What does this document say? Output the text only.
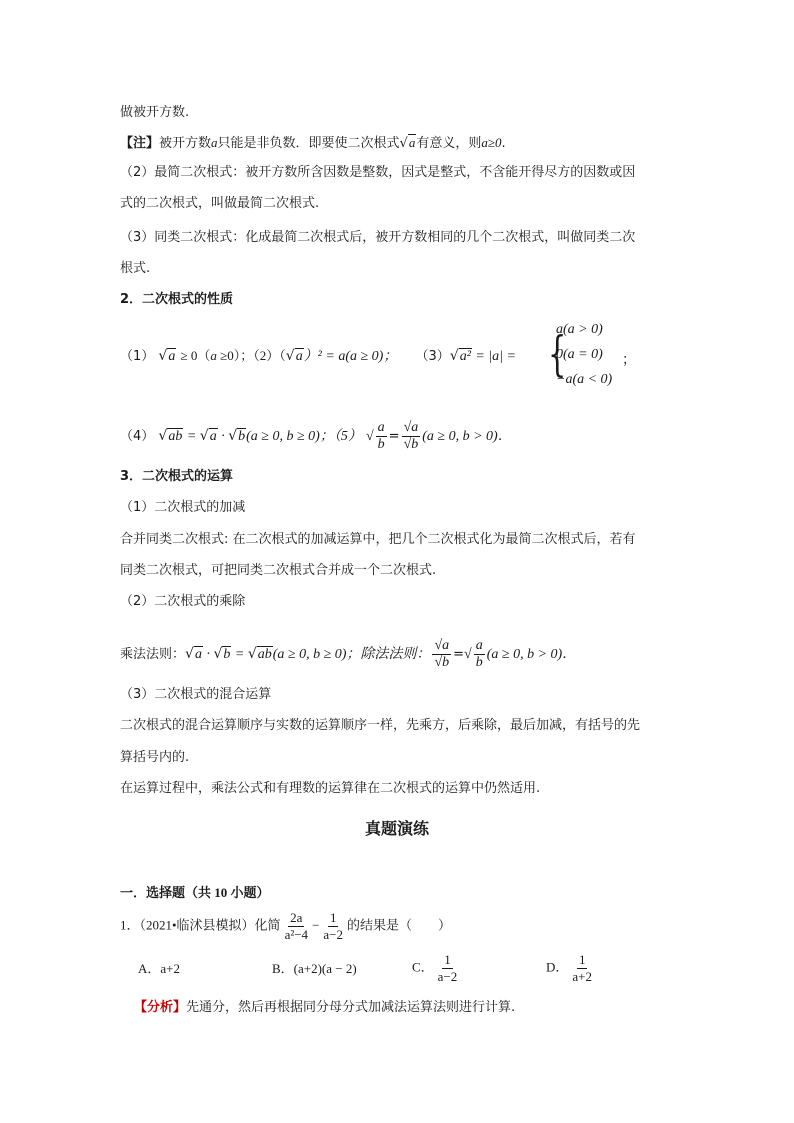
做被开方数.
【注】被开方数a只能是非负数．即要使二次根式√a有意义，则a≥0.
（2）最简二次根式：被开方数所含因数是整数，因式是整式，不含能开得尽方的因数或因
式的二次根式，叫做最简二次根式.
（3）同类二次根式：化成最简二次根式后，被开方数相同的几个二次根式，叫做同类二次
根式.
2．二次根式的性质
（1） √a ≥ 0（a ≥0）；（2）（√a）² = a(a ≥ 0)； （3）√a² = |a| = {
a(a > 0)
0(a = 0)
−a(a < 0)
；
（4） √ab = √a · √b(a ≥ 0, b ≥ 0)；（5） √ $\frac{a}{b} = \frac{√a}{√b} (a \ge 0$, b > 0)．
3．二次根式的运算
（1）二次根式的加减
合并同类二次根式: 在二次根式的加减运算中，把几个二次根式化为最简二次根式后，若有
同类二次根式，可把同类二次根式合并成一个二次根式.
（2）二次根式的乘除
乘法法则：√a · √b = √ab(a ≥ 0, b ≥ 0)；除法法则： $\frac{√a}{√b}$ =√ $\frac{a}{b} (a \ge 0$, b > 0)．
（3）二次根式的混合运算
二次根式的混合运算顺序与实数的运算顺序一样，先乘方，后乘除，最后加减，有括号的先
算括号内的.
在运算过程中，乘法公式和有理数的运算律在二次根式的运算中仍然适用.
真题演练
一．选择题（共 10 小题）
1．（2021•临沭县模拟）化简 $\frac{2a}{\text{a²−4}} - \frac{1}{a-2}$ 的结果是（　　）
A．a+2	B．(a+2)(a − 2)	C． $\frac{1}{a-2}$	D． $\frac{1}{a+2}$
【分析】先通分，然后再根据同分母分式加减法运算法则进行计算.
